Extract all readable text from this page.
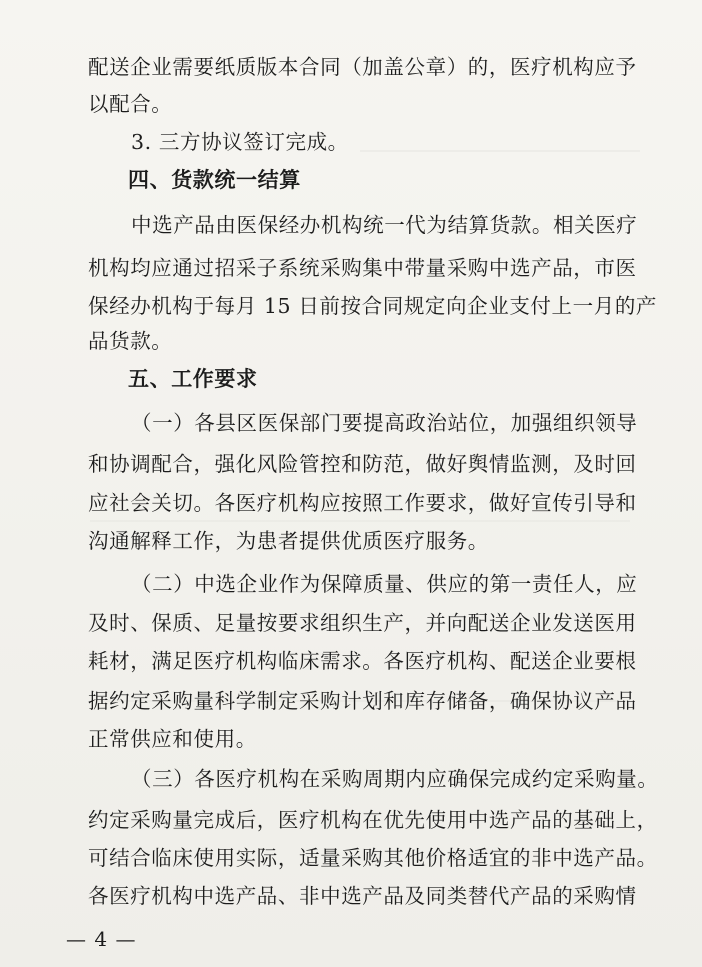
配送企业需要纸质版本合同（加盖公章）的，医疗机构应予
以配合。
3. 三方协议签订完成。
四、货款统一结算
中选产品由医保经办机构统一代为结算货款。相关医疗
机构均应通过招采子系统采购集中带量采购中选产品，市医
保经办机构于每月 15 日前按合同规定向企业支付上一月的产
品货款。
五、工作要求
（一）各县区医保部门要提高政治站位，加强组织领导
和协调配合，强化风险管控和防范，做好舆情监测，及时回
应社会关切。各医疗机构应按照工作要求，做好宣传引导和
沟通解释工作，为患者提供优质医疗服务。
（二）中选企业作为保障质量、供应的第一责任人，应
及时、保质、足量按要求组织生产，并向配送企业发送医用
耗材，满足医疗机构临床需求。各医疗机构、配送企业要根
据约定采购量科学制定采购计划和库存储备，确保协议产品
正常供应和使用。
（三）各医疗机构在采购周期内应确保完成约定采购量。
约定采购量完成后，医疗机构在优先使用中选产品的基础上，
可结合临床使用实际，适量采购其他价格适宜的非中选产品。
各医疗机构中选产品、非中选产品及同类替代产品的采购情
— 4 —
